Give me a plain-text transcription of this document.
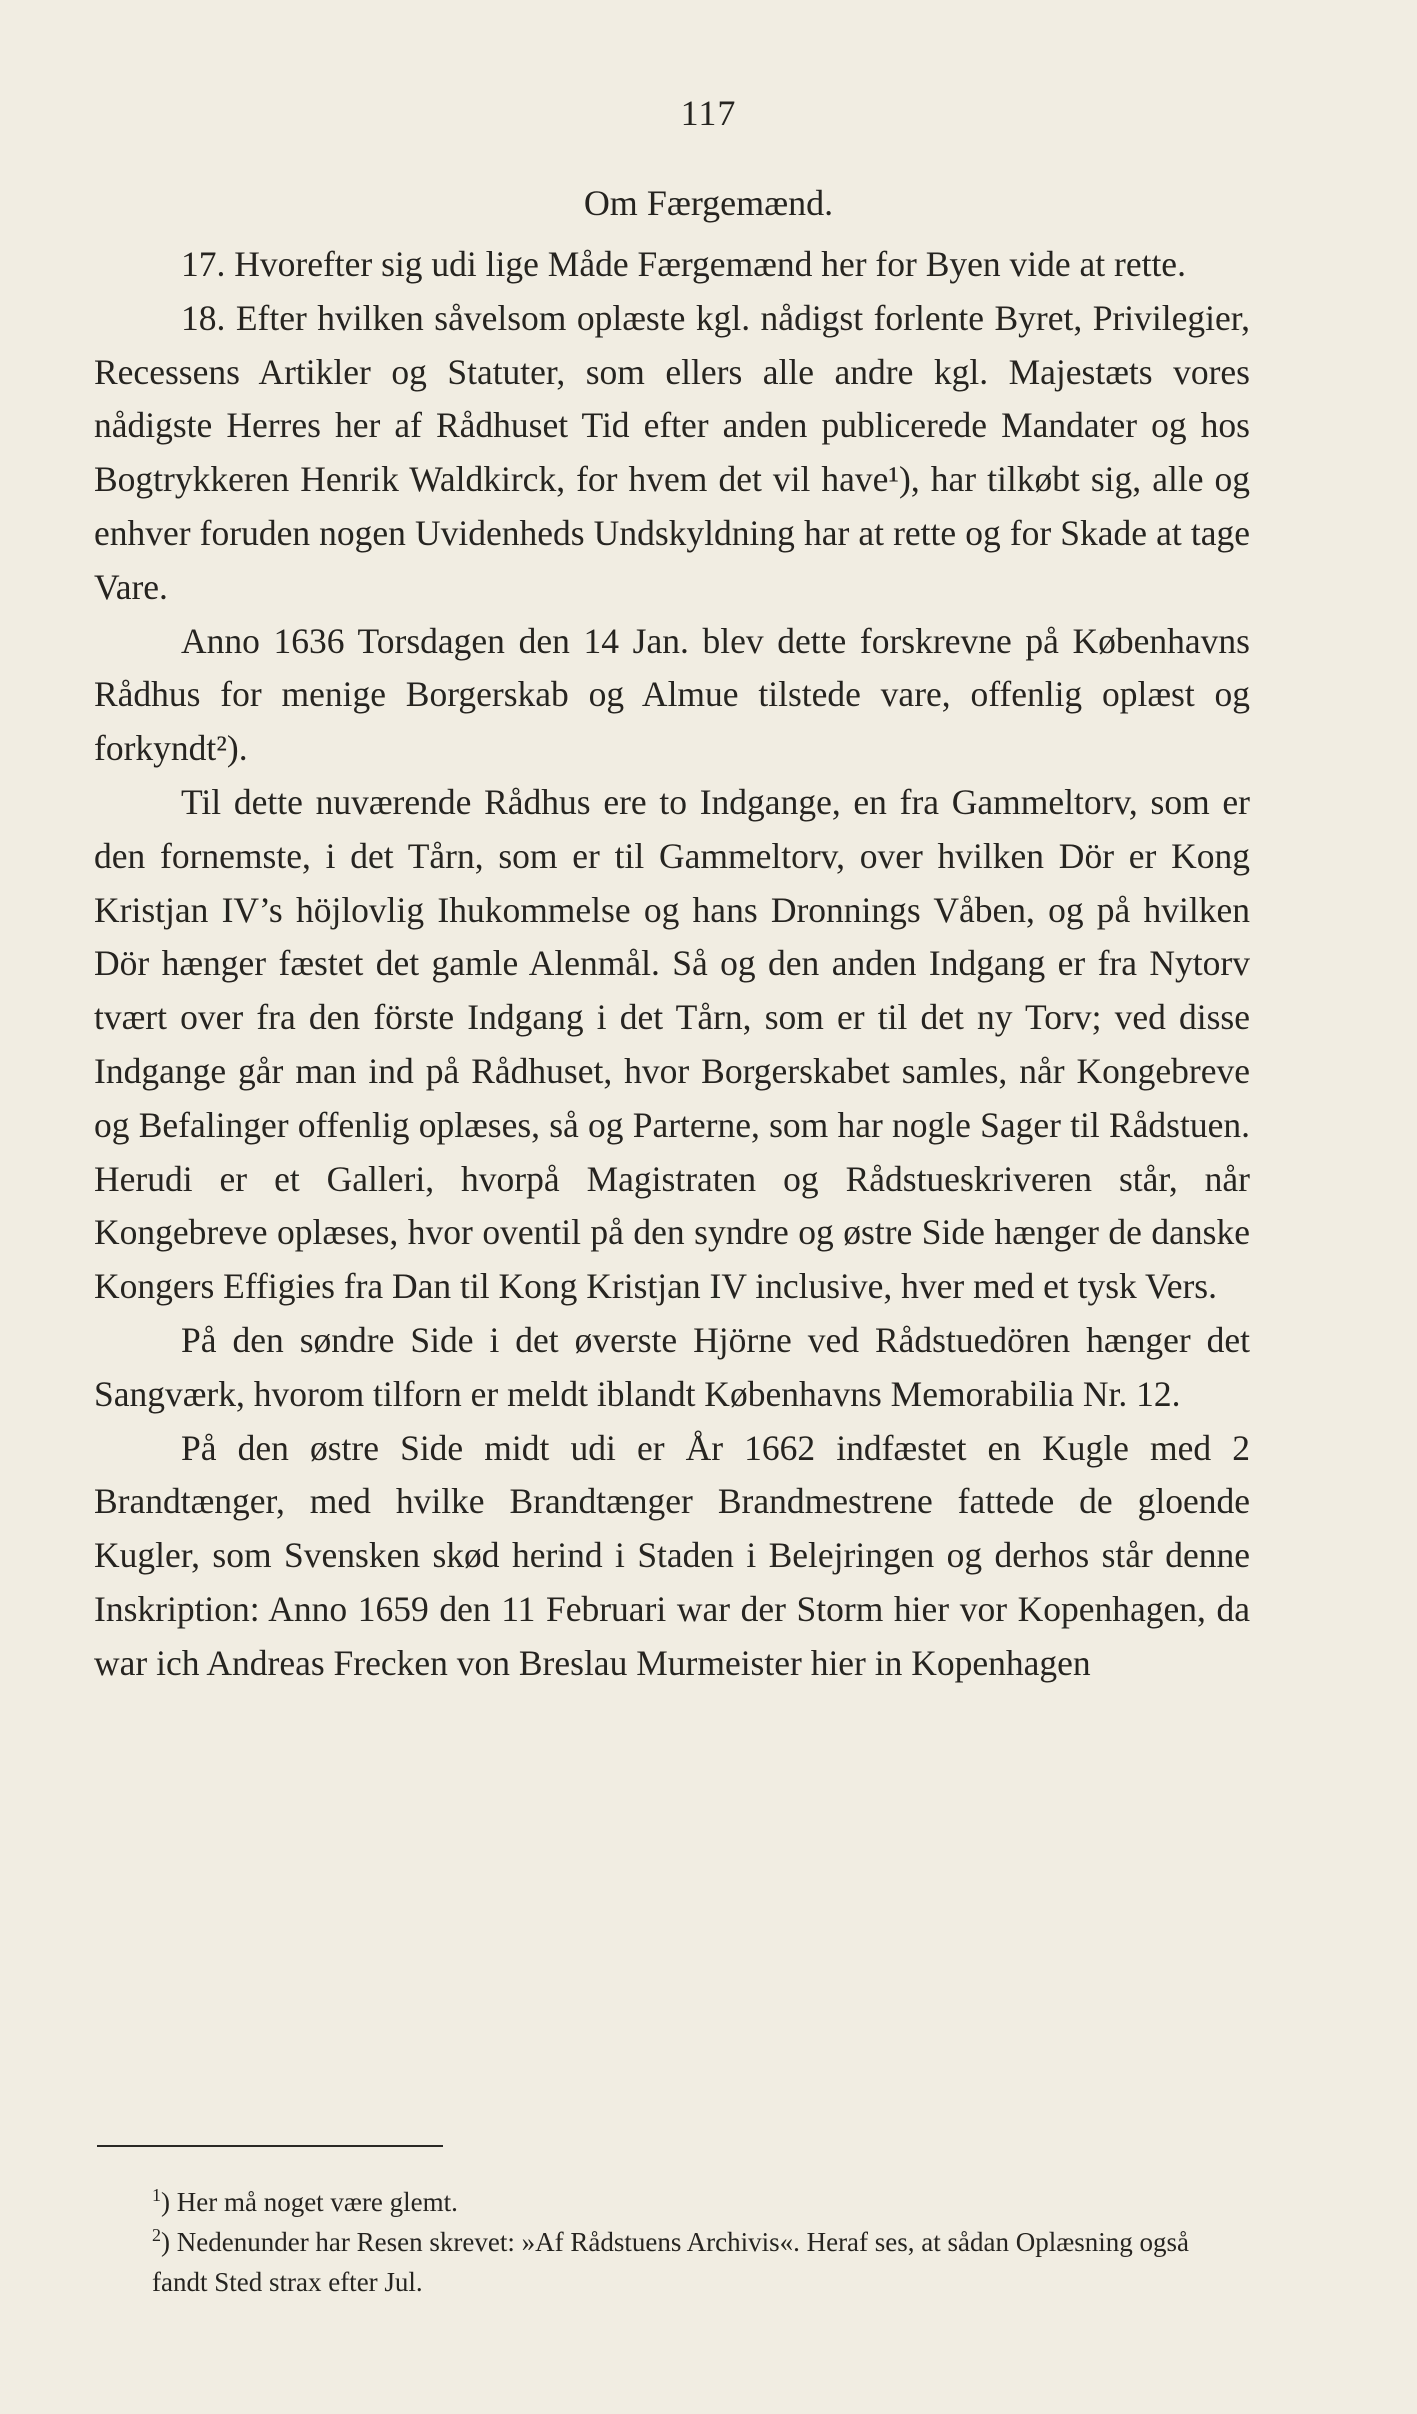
117
Om Færgemænd.

17. Hvorefter sig udi lige Måde Færgemænd her for Byen vide at rette.

18. Efter hvilken såvelsom oplæste kgl. nådigst forlente Byret, Privilegier, Recessens Artikler og Statuter, som ellers alle andre kgl. Majestæts vores nådigste Herres her af Rådhuset Tid efter anden publicerede Mandater og hos Bogtrykkeren Henrik Waldkirck, for hvem det vil have¹), har tilkøbt sig, alle og enhver foruden nogen Uvidenheds Undskyldning har at rette og for Skade at tage Vare.

Anno 1636 Torsdagen den 14 Jan. blev dette forskrevne på Københavns Rådhus for menige Borgerskab og Almue tilstede vare, offenlig oplæst og forkyndt²).

Til dette nuværende Rådhus ere to Indgange, en fra Gammeltorv, som er den fornemste, i det Tårn, som er til Gammeltorv, over hvilken Dör er Kong Kristjan IV’s höjlovlig Ihukommelse og hans Dronnings Våben, og på hvilken Dör hænger fæstet det gamle Alenmål. Så og den anden Indgang er fra Nytorv tvært over fra den förste Indgang i det Tårn, som er til det ny Torv; ved disse Indgange går man ind på Rådhuset, hvor Borgerskabet samles, når Kongebreve og Befalinger offenlig oplæses, så og Parterne, som har nogle Sager til Rådstuen. Herudi er et Galleri, hvorpå Magistraten og Rådstueskriveren står, når Kongebreve oplæses, hvor oventil på den syndre og østre Side hænger de danske Kongers Effigies fra Dan til Kong Kristjan IV inclusive, hver med et tysk Vers.

På den søndre Side i det øverste Hjörne ved Rådstuedören hænger det Sangværk, hvorom tilforn er meldt iblandt Københavns Memorabilia Nr. 12.

På den østre Side midt udi er År 1662 indfæstet en Kugle med 2 Brandtænger, med hvilke Brandtænger Brandmestrene fattede de gloende Kugler, som Svensken skød herind i Staden i Belejringen og derhos står denne Inskription: Anno 1659 den 11 Februari war der Storm hier vor Kopenhagen, da war ich Andreas Frecken von Breslau Murmeister hier in Kopenhagen

$^1$) Her må noget være glemt.

$^2$) Nedenunder har Resen skrevet: »Af Rådstuens Archivis«. Heraf ses, at sådan Oplæsning også fandt Sted strax efter Jul.
